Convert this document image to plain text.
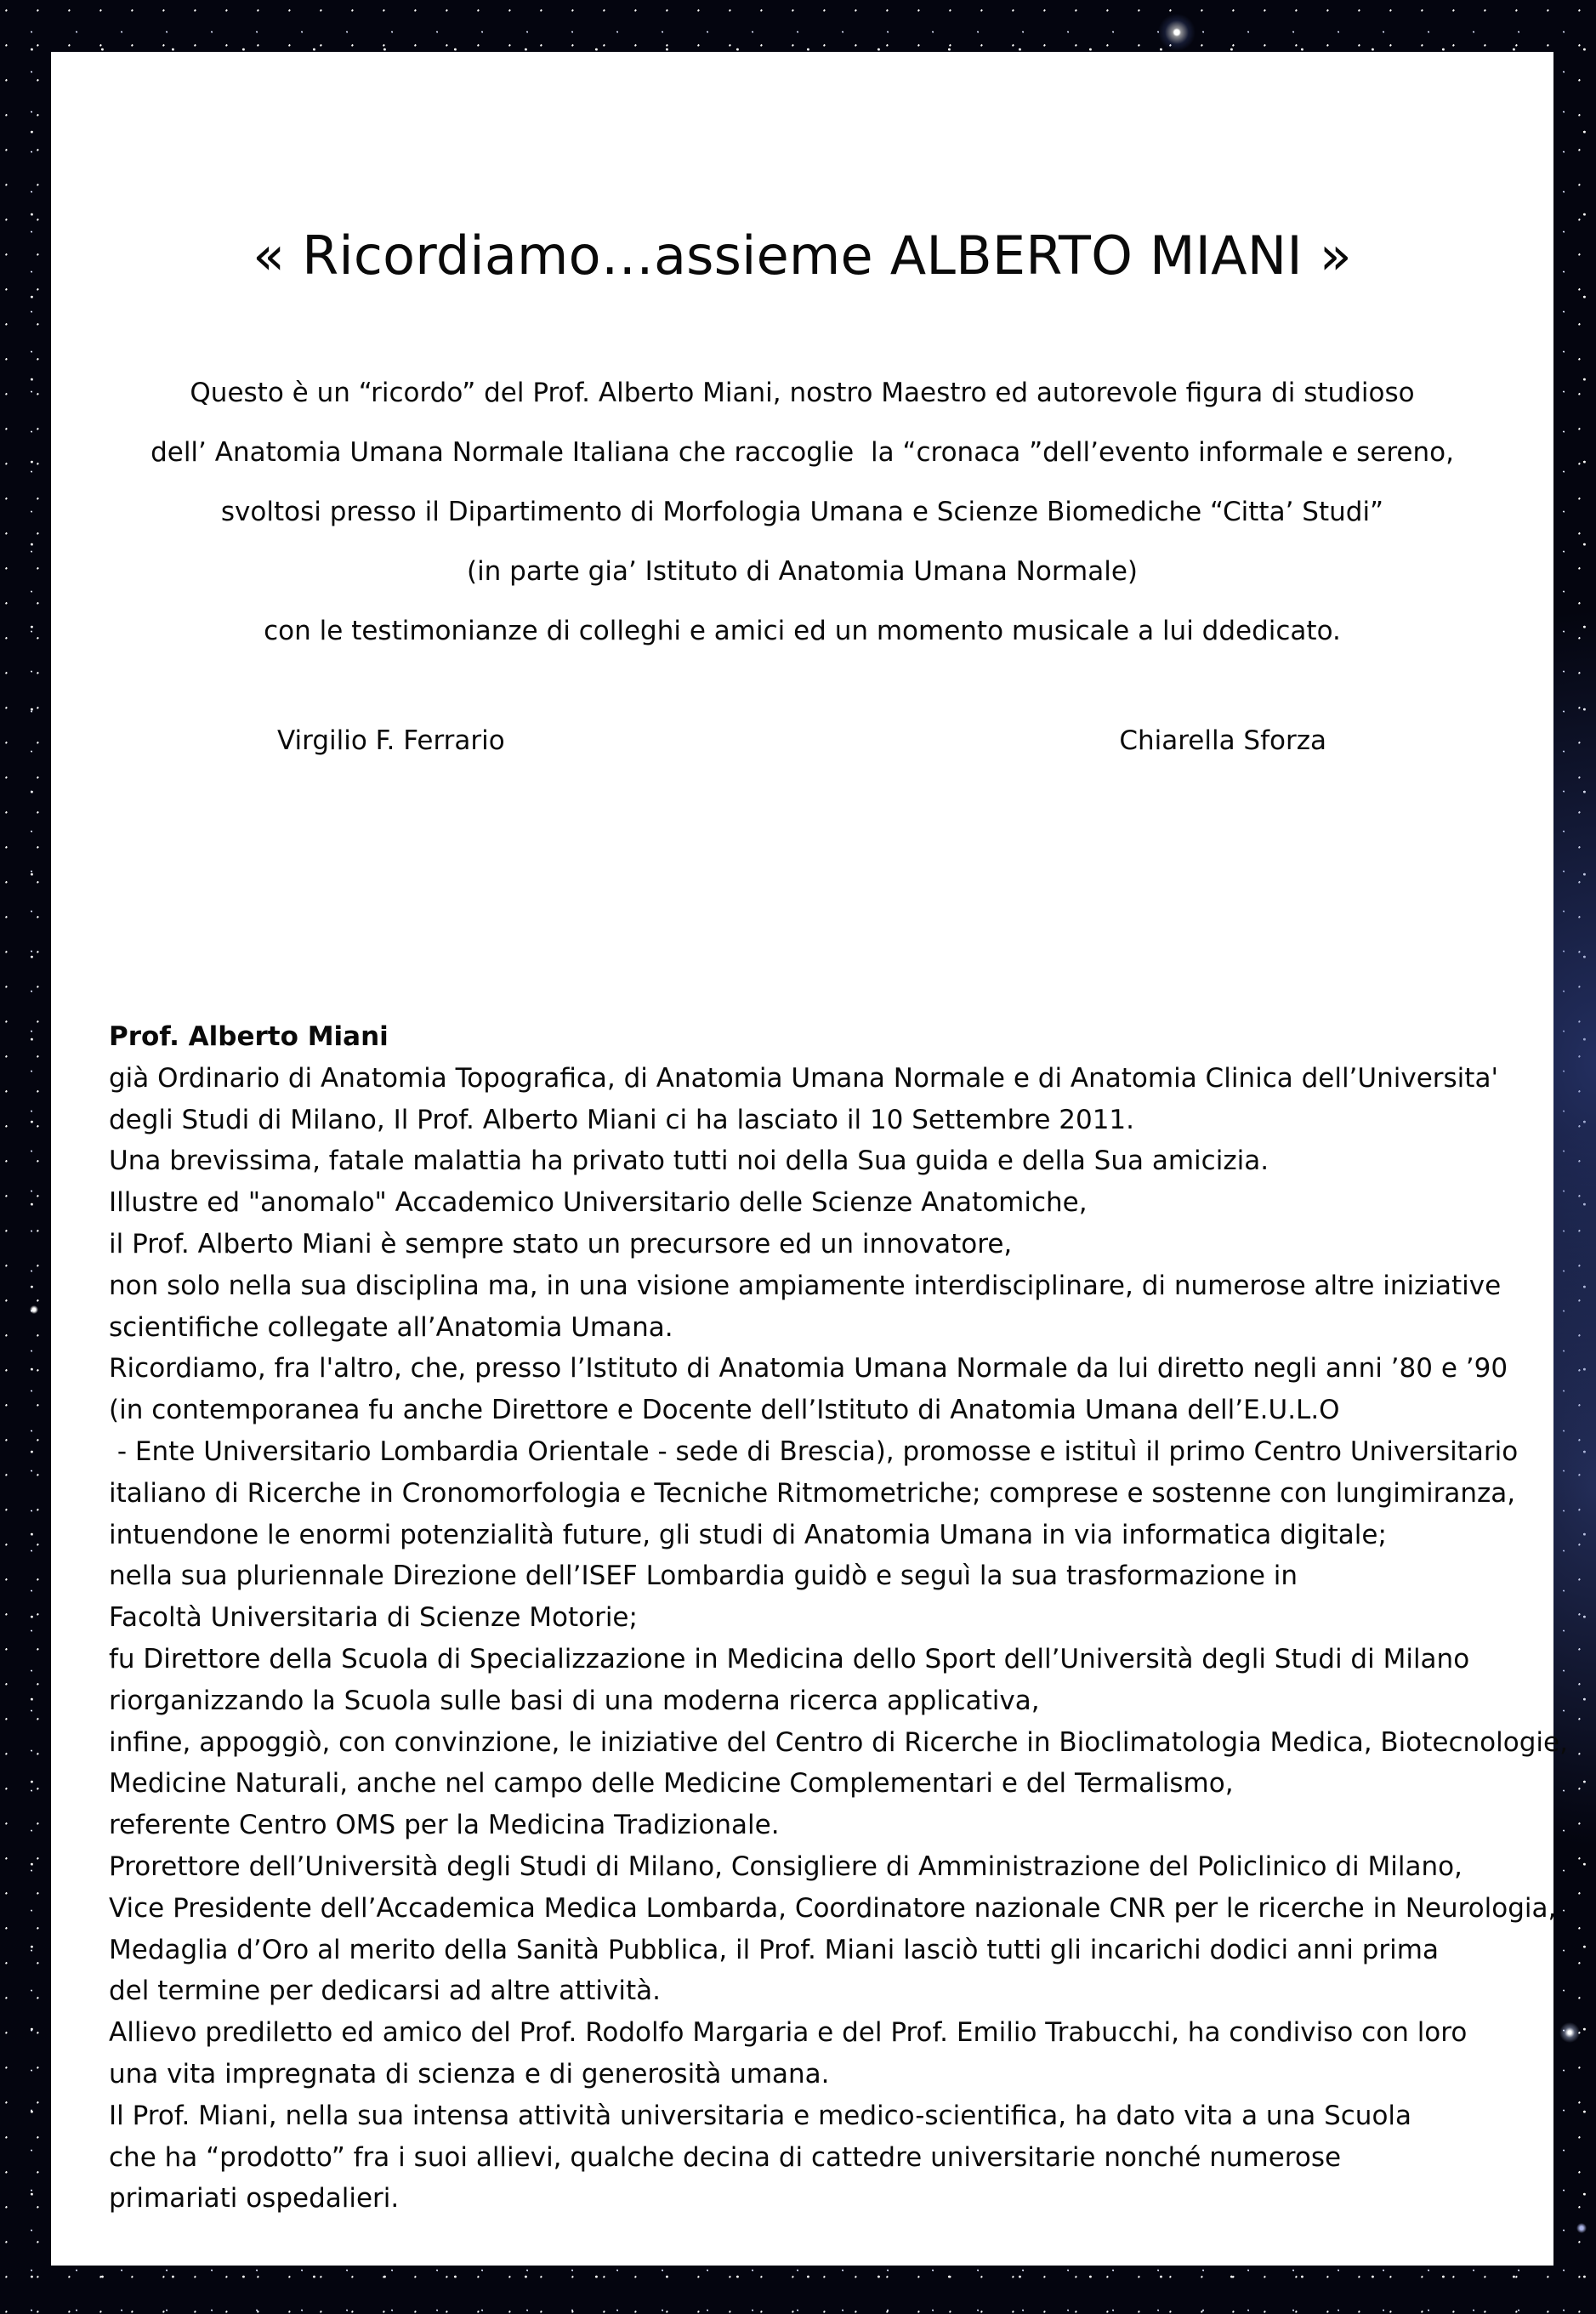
« Ricordiamo…assieme ALBERTO MIANI »
Questo è un “ricordo” del Prof. Alberto Miani, nostro Maestro ed autorevole figura di studioso
dell’ Anatomia Umana Normale Italiana che raccoglie  la “cronaca ”dell’evento informale e sereno,
svoltosi presso il Dipartimento di Morfologia Umana e Scienze Biomediche “Citta’ Studi”
(in parte gia’ Istituto di Anatomia Umana Normale)
con le testimonianze di colleghi e amici ed un momento musicale a lui ddedicato.
Virgilio F. Ferrario	Chiarella Sforza
Prof. Alberto Miani
già Ordinario di Anatomia Topografica, di Anatomia Umana Normale e di Anatomia Clinica dell’Universita'
degli Studi di Milano, Il Prof. Alberto Miani ci ha lasciato il 10 Settembre 2011.
Una brevissima, fatale malattia ha privato tutti noi della Sua guida e della Sua amicizia.
Illustre ed "anomalo" Accademico Universitario delle Scienze Anatomiche,
il Prof. Alberto Miani è sempre stato un precursore ed un innovatore,
non solo nella sua disciplina ma, in una visione ampiamente interdisciplinare, di numerose altre iniziative
scientifiche collegate all’Anatomia Umana.
Ricordiamo, fra l'altro, che, presso l’Istituto di Anatomia Umana Normale da lui diretto negli anni ’80 e ’90
(in contemporanea fu anche Direttore e Docente dell’Istituto di Anatomia Umana dell’E.U.L.O
- Ente Universitario Lombardia Orientale - sede di Brescia), promosse e istituì il primo Centro Universitario
italiano di Ricerche in Cronomorfologia e Tecniche Ritmometriche; comprese e sostenne con lungimiranza,
intuendone le enormi potenzialità future, gli studi di Anatomia Umana in via informatica digitale;
nella sua pluriennale Direzione dell’ISEF Lombardia guidò e seguì la sua trasformazione in
Facoltà Universitaria di Scienze Motorie;
fu Direttore della Scuola di Specializzazione in Medicina dello Sport dell’Università degli Studi di Milano
riorganizzando la Scuola sulle basi di una moderna ricerca applicativa,
infine, appoggiò, con convinzione, le iniziative del Centro di Ricerche in Bioclimatologia Medica, Biotecnologie,
Medicine Naturali, anche nel campo delle Medicine Complementari e del Termalismo,
referente Centro OMS per la Medicina Tradizionale.
Prorettore dell’Università degli Studi di Milano, Consigliere di Amministrazione del Policlinico di Milano,
Vice Presidente dell’Accademica Medica Lombarda, Coordinatore nazionale CNR per le ricerche in Neurologia,
Medaglia d’Oro al merito della Sanità Pubblica, il Prof. Miani lasciò tutti gli incarichi dodici anni prima
del termine per dedicarsi ad altre attività.
Allievo prediletto ed amico del Prof. Rodolfo Margaria e del Prof. Emilio Trabucchi, ha condiviso con loro
una vita impregnata di scienza e di generosità umana.
Il Prof. Miani, nella sua intensa attività universitaria e medico-scientifica, ha dato vita a una Scuola
che ha “prodotto” fra i suoi allievi, qualche decina di cattedre universitarie nonché numerose
primariati ospedalieri.
